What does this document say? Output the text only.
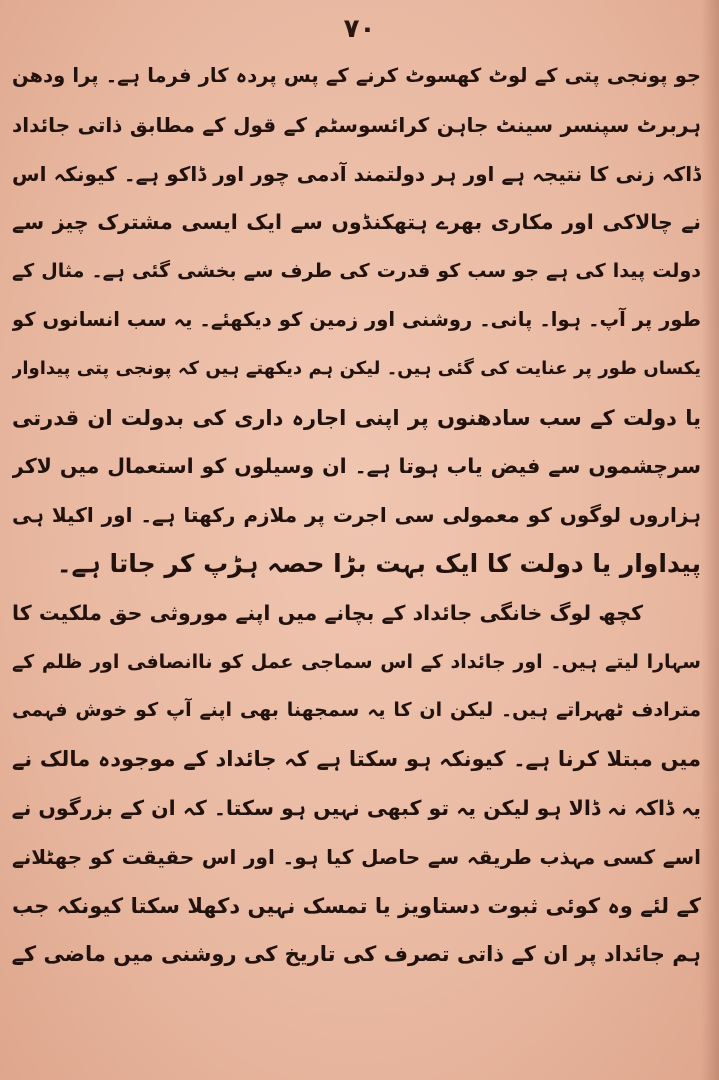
۷۰
جو پونجی پتی کے لوٹ کھسوٹ کرنے کے پس پردہ کار فرما ہے۔ پرا ودھن
ہربرٹ سپنسر سینٹ جاہن کرائسوسٹم کے قول کے مطابق ذاتی جائداد
ڈاکہ زنی کا نتیجہ ہے اور ہر دولتمند آدمی چور اور ڈاکو ہے۔ کیونکہ اس
نے چالاکی اور مکاری بھرے ہتھکنڈوں سے ایک ایسی مشترک چیز سے
دولت پیدا کی ہے جو سب کو قدرت کی طرف سے بخشی گئی ہے۔ مثال کے
طور پر آپ۔ ہوا۔ پانی۔ روشنی اور زمین کو دیکھئے۔ یہ سب انسانوں کو
یکساں طور پر عنایت کی گئی ہیں۔ لیکن ہم دیکھتے ہیں کہ پونجی پتی پیداوار
یا دولت کے سب سادھنوں پر اپنی اجارہ داری کی بدولت ان قدرتی
سرچشموں سے فیض یاب ہوتا ہے۔ ان وسیلوں کو استعمال میں لاکر
ہزاروں لوگوں کو معمولی سی اجرت پر ملازم رکھتا ہے۔ اور اکیلا ہی
پیداوار یا دولت کا ایک بہت بڑا حصہ ہڑپ کر جاتا ہے۔
کچھ لوگ خانگی جائداد کے بچانے میں اپنے موروثی حق ملکیت کا
سہارا لیتے ہیں۔ اور جائداد کے اس سماجی عمل کو ناانصافی اور ظلم کے
مترادف ٹھہراتے ہیں۔ لیکن ان کا یہ سمجھنا بھی اپنے آپ کو خوش فہمی
میں مبتلا کرنا ہے۔ کیونکہ ہو سکتا ہے کہ جائداد کے موجودہ مالک نے
یہ ڈاکہ نہ ڈالا ہو لیکن یہ تو کبھی نہیں ہو سکتا۔ کہ ان کے بزرگوں نے
اسے کسی مہذب طریقہ سے حاصل کیا ہو۔ اور اس حقیقت کو جھٹلانے
کے لئے وہ کوئی ثبوت دستاویز یا تمسک نہیں دکھلا سکتا کیونکہ جب
ہم جائداد پر ان کے ذاتی تصرف کی تاریخ کی روشنی میں ماضی کے
